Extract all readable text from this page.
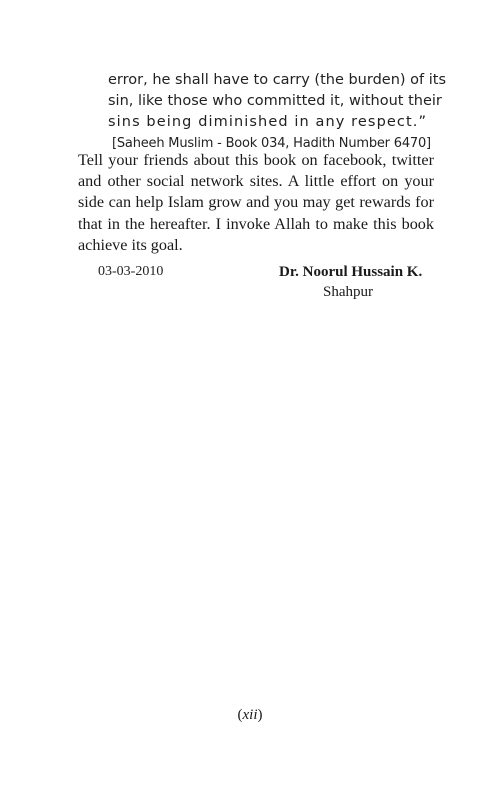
error, he shall have to carry (the burden) of its
sin, like those who committed it, without their
sins being diminished in any respect.”
[Saheeh Muslim - Book 034, Hadith Number 6470]
Tell your friends about this book on facebook, twitter
and other social network sites. A little effort on your
side can help Islam grow and you may get rewards for
that in the hereafter. I invoke Allah to make this book
achieve its goal.
03-03-2010	Dr. Noorul Hussain K.
Shahpur
(xii)
